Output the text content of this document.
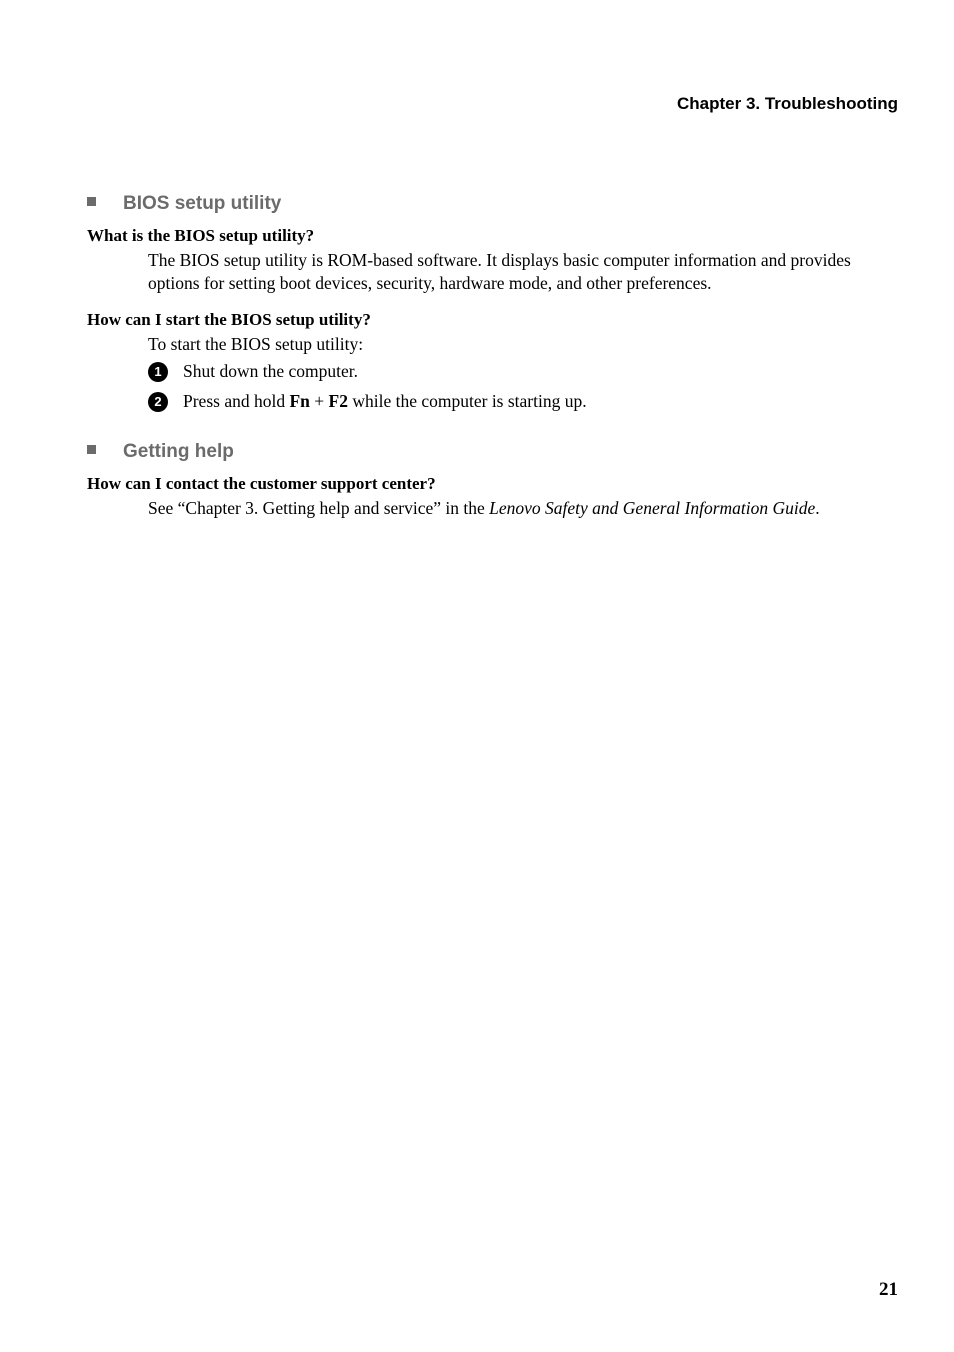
Chapter 3. Troubleshooting
BIOS setup utility
What is the BIOS setup utility?
The BIOS setup utility is ROM-based software. It displays basic computer information and provides options for setting boot devices, security, hardware mode, and other preferences.
How can I start the BIOS setup utility?
To start the BIOS setup utility:
1	Shut down the computer.
2	Press and hold Fn + F2 while the computer is starting up.
Getting help
How can I contact the customer support center?
See “Chapter 3. Getting help and service” in the Lenovo Safety and General Information Guide.
21
